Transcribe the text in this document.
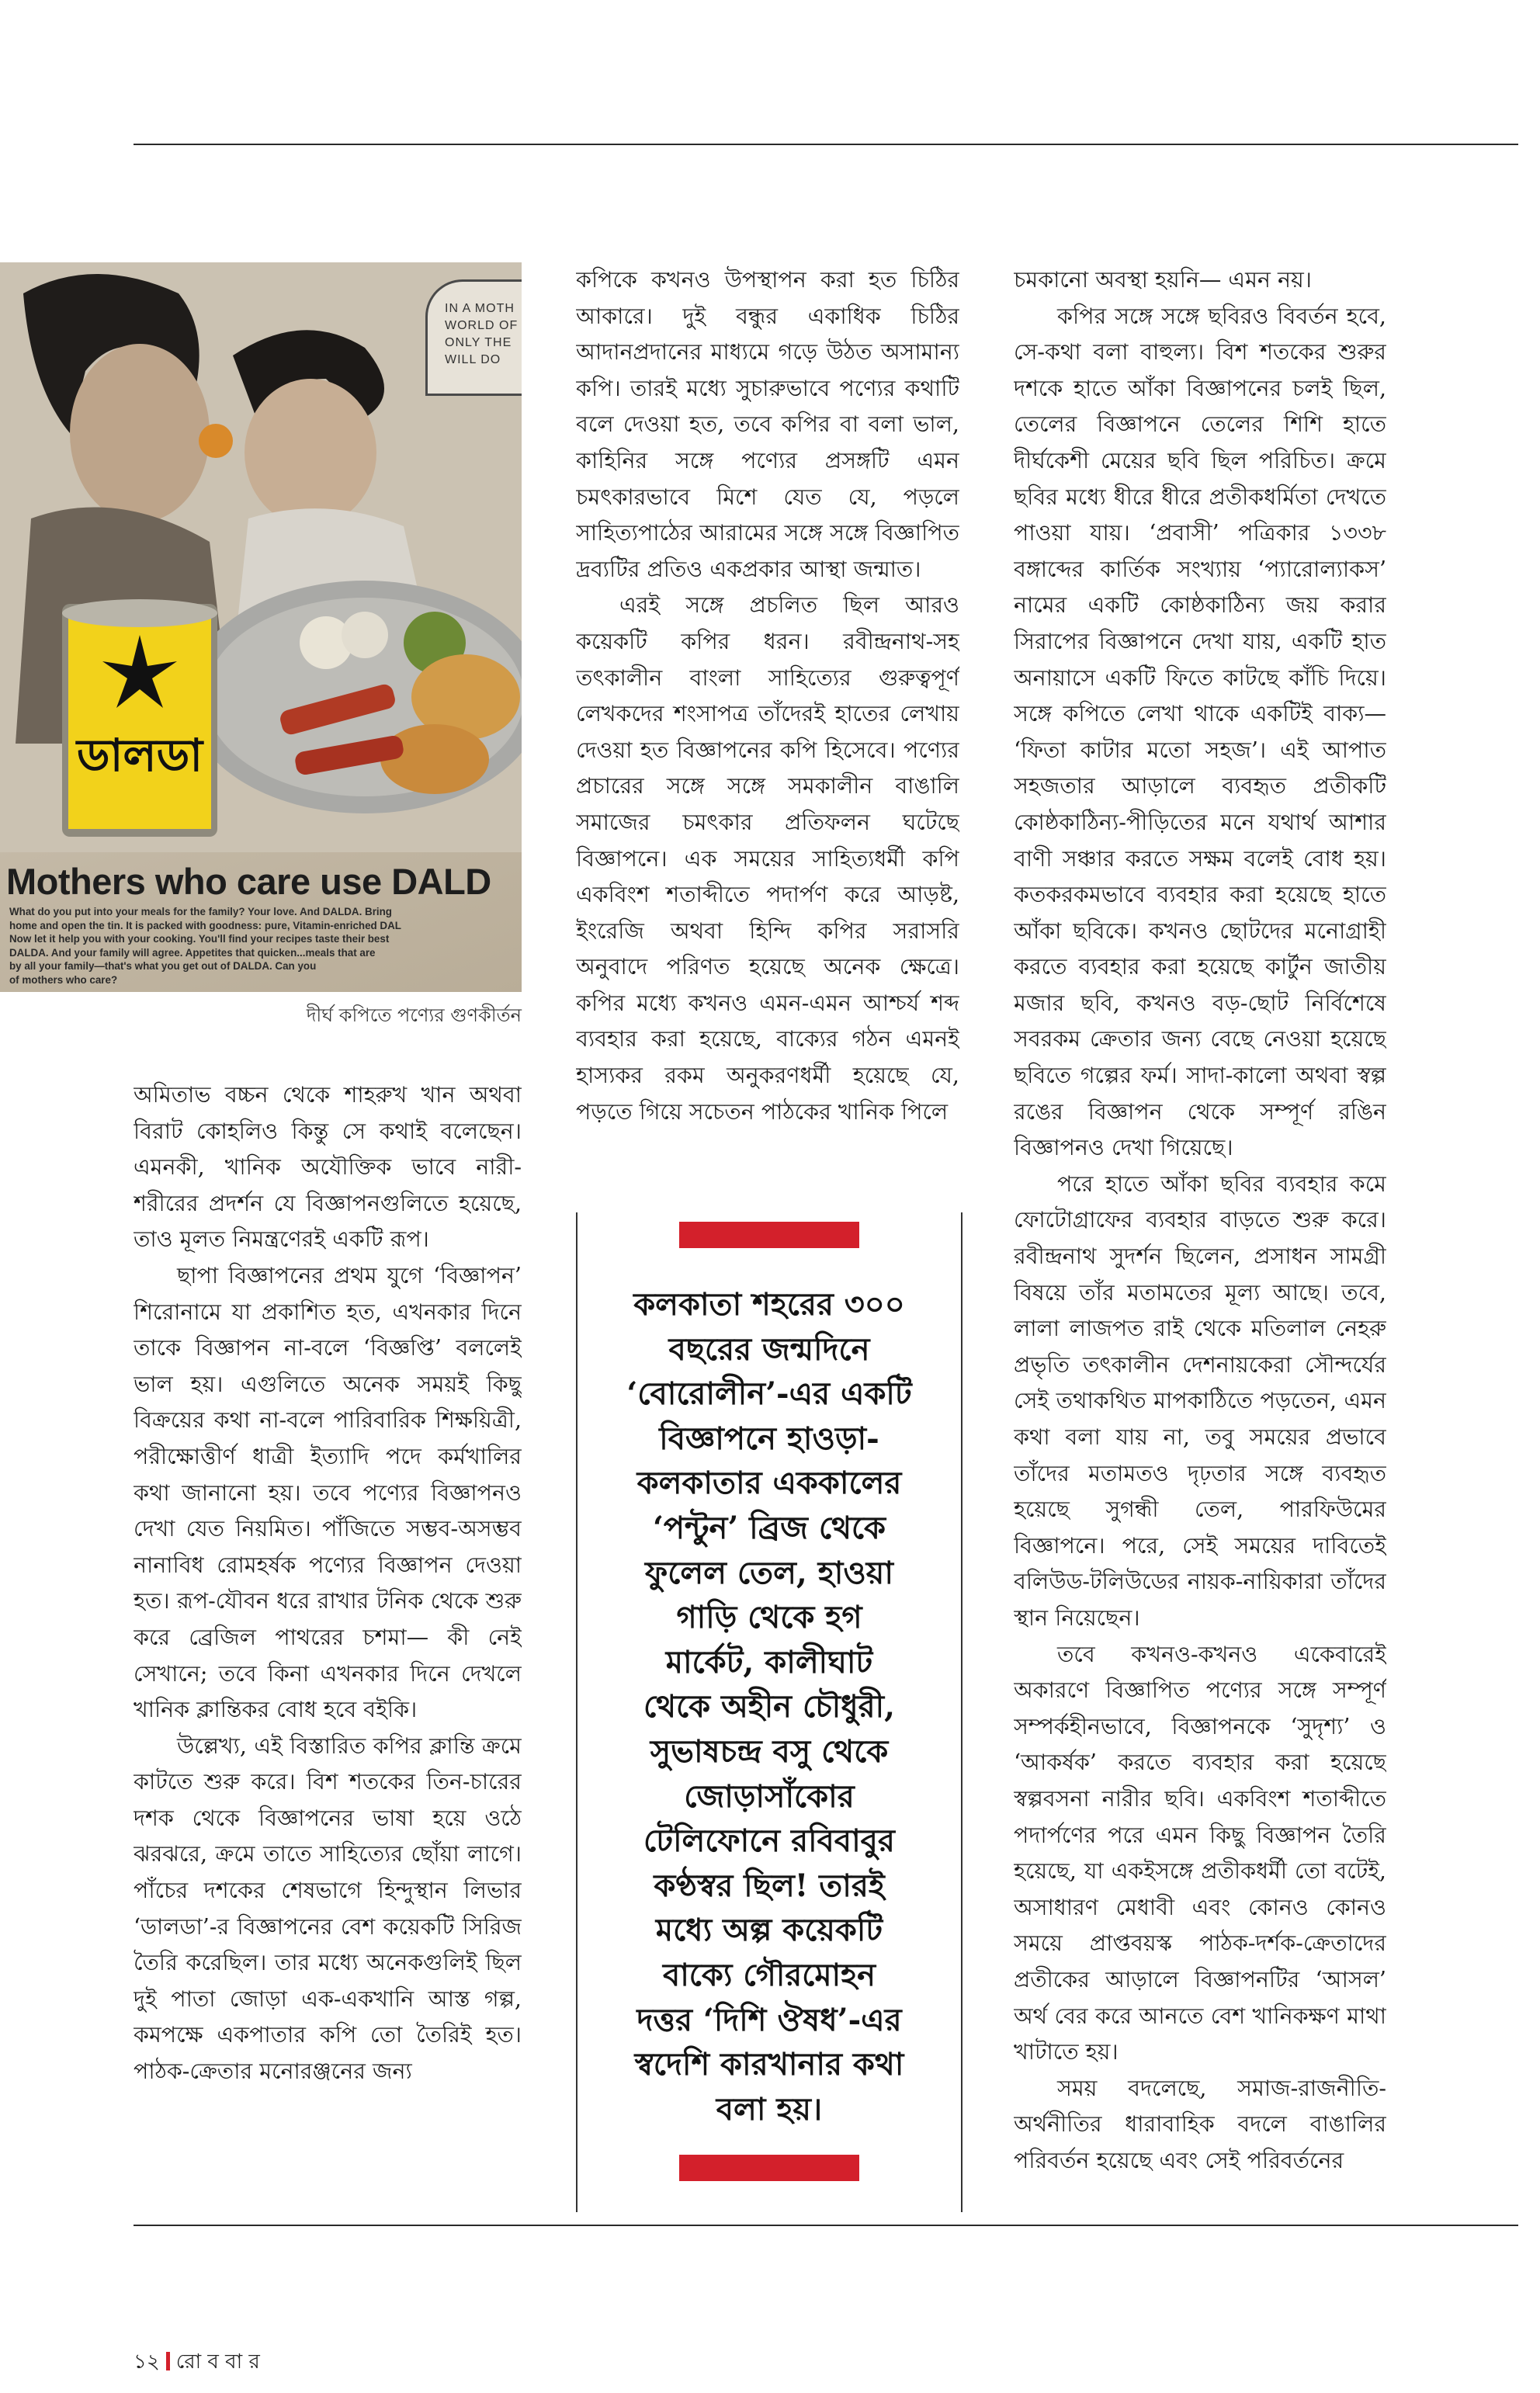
ডালডা
IN A MOTH
WORLD OF
ONLY THE
WILL DO
Mothers who care use DALD
What do you put into your meals for the family? Your love. And DALDA. Bring
home and open the tin. It is packed with goodness: pure, Vitamin-enriched DAL
Now let it help you with your cooking. You'll find your recipes taste their best
DALDA. And your family will agree. Appetites that quicken...meals that are
by all your family—that's what you get out of DALDA. Can you
of mothers who care?
দীর্ঘ কপিতে পণ্যের গুণকীর্তন

অমিতাভ বচ্চন থেকে শাহরুখ খান অথবা বিরাট কোহলিও কিন্তু সে কথাই বলেছেন। এমনকী, খানিক অযৌক্তিক ভাবে নারী-শরীরের প্রদর্শন যে বিজ্ঞাপনগুলিতে হয়েছে, তাও মূলত নিমন্ত্রণেরই একটি রূপ।

ছাপা বিজ্ঞাপনের প্রথম যুগে ‘বিজ্ঞাপন’ শিরোনামে যা প্রকাশিত হত, এখনকার দিনে তাকে বিজ্ঞাপন না-বলে ‘বিজ্ঞপ্তি’ বললেই ভাল হয়। এগুলিতে অনেক সময়ই কিছু বিক্রয়ের কথা না-বলে পারিবারিক শিক্ষয়িত্রী, পরীক্ষোত্তীর্ণ ধাত্রী ইত্যাদি পদে কর্মখালির কথা জানানো হয়। তবে পণ্যের বিজ্ঞাপনও দেখা যেত নিয়মিত। পাঁজিতে সম্ভব-অসম্ভব নানাবিধ রোমহর্ষক পণ্যের বিজ্ঞাপন দেওয়া হত। রূপ-যৌবন ধরে রাখার টনিক থেকে শুরু করে ব্রেজিল পাথরের চশমা— কী নেই সেখানে; তবে কিনা এখনকার দিনে দেখলে খানিক ক্লান্তিকর বোধ হবে বইকি।

উল্লেখ্য, এই বিস্তারিত কপির ক্লান্তি ক্রমে কাটতে শুরু করে। বিশ শতকের তিন-চারের দশক থেকে বিজ্ঞাপনের ভাষা হয়ে ওঠে ঝরঝরে, ক্রমে তাতে সাহিত্যের ছোঁয়া লাগে। পাঁচের দশকের শেষভাগে হিন্দুস্থান লিভার ‘ডালডা’-র বিজ্ঞাপনের বেশ কয়েকটি সিরিজ তৈরি করেছিল। তার মধ্যে অনেকগুলিই ছিল দুই পাতা জোড়া এক-একখানি আস্ত গল্প, কমপক্ষে একপাতার কপি তো তৈরিই হত। পাঠক-ক্রেতার মনোরঞ্জনের জন্য

কপিকে কখনও উপস্থাপন করা হত চিঠির আকারে। দুই বন্ধুর একাধিক চিঠির আদানপ্রদানের মাধ্যমে গড়ে উঠত অসামান্য কপি। তারই মধ্যে সুচারুভাবে পণ্যের কথাটি বলে দেওয়া হত, তবে কপির বা বলা ভাল, কাহিনির সঙ্গে পণ্যের প্রসঙ্গটি এমন চমৎকারভাবে মিশে যেত যে, পড়লে সাহিত্যপাঠের আরামের সঙ্গে সঙ্গে বিজ্ঞাপিত দ্রব্যটির প্রতিও একপ্রকার আস্থা জন্মাত।

এরই সঙ্গে প্রচলিত ছিল আরও কয়েকটি কপির ধরন। রবীন্দ্রনাথ-সহ তৎকালীন বাংলা সাহিত্যের গুরুত্বপূর্ণ লেখকদের শংসাপত্র তাঁদেরই হাতের লেখায় দেওয়া হত বিজ্ঞাপনের কপি হিসেবে। পণ্যের প্রচারের সঙ্গে সঙ্গে সমকালীন বাঙালি সমাজের চমৎকার প্রতিফলন ঘটেছে বিজ্ঞাপনে। এক সময়ের সাহিত্যধর্মী কপি একবিংশ শতাব্দীতে পদার্পণ করে আড়ষ্ট, ইংরেজি অথবা হিন্দি কপির সরাসরি অনুবাদে পরিণত হয়েছে অনেক ক্ষেত্রে। কপির মধ্যে কখনও এমন-এমন আশ্চর্য শব্দ ব্যবহার করা হয়েছে, বাক্যের গঠন এমনই হাস্যকর রকম অনুকরণধর্মী হয়েছে যে, পড়তে গিয়ে সচেতন পাঠকের খানিক পিলে

কলকাতা শহরের ৩০০
বছরের জন্মদিনে
‘বোরোলীন’-এর একটি
বিজ্ঞাপনে হাওড়া-
কলকাতার এককালের
‘পন্টুন’ ব্রিজ থেকে
ফুলেল তেল, হাওয়া
গাড়ি থেকে হগ
মার্কেট, কালীঘাট
থেকে অহীন চৌধুরী,
সুভাষচন্দ্র বসু থেকে
জোড়াসাঁকোর
টেলিফোনে রবিবাবুর
কণ্ঠস্বর ছিল! তারই
মধ্যে অল্প কয়েকটি
বাক্যে গৌরমোহন
দত্তর ‘দিশি ঔষধ’-এর
স্বদেশি কারখানার কথা
বলা হয়।

চমকানো অবস্থা হয়নি— এমন নয়।

কপির সঙ্গে সঙ্গে ছবিরও বিবর্তন হবে, সে-কথা বলা বাহুল্য। বিশ শতকের শুরুর দশকে হাতে আঁকা বিজ্ঞাপনের চলই ছিল, তেলের বিজ্ঞাপনে তেলের শিশি হাতে দীর্ঘকেশী মেয়ের ছবি ছিল পরিচিত। ক্রমে ছবির মধ্যে ধীরে ধীরে প্রতীকধর্মিতা দেখতে পাওয়া যায়। ‘প্রবাসী’ পত্রিকার ১৩৩৮ বঙ্গাব্দের কার্তিক সংখ্যায় ‘প্যারোল্যাকস’ নামের একটি কোষ্ঠকাঠিন্য জয় করার সিরাপের বিজ্ঞাপনে দেখা যায়, একটি হাত অনায়াসে একটি ফিতে কাটছে কাঁচি দিয়ে। সঙ্গে কপিতে লেখা থাকে একটিই বাক্য— ‘ফিতা কাটার মতো সহজ’। এই আপাত সহজতার আড়ালে ব্যবহৃত প্রতীকটি কোষ্ঠকাঠিন্য-পীড়িতের মনে যথার্থ আশার বাণী সঞ্চার করতে সক্ষম বলেই বোধ হয়। কতকরকমভাবে ব্যবহার করা হয়েছে হাতে আঁকা ছবিকে। কখনও ছোটদের মনোগ্রাহী করতে ব্যবহার করা হয়েছে কার্টুন জাতীয় মজার ছবি, কখনও বড়-ছোট নির্বিশেষে সবরকম ক্রেতার জন্য বেছে নেওয়া হয়েছে ছবিতে গল্পের ফর্ম। সাদা-কালো অথবা স্বল্প রঙের বিজ্ঞাপন থেকে সম্পূর্ণ রঙিন বিজ্ঞাপনও দেখা গিয়েছে।

পরে হাতে আঁকা ছবির ব্যবহার কমে ফোটোগ্রাফের ব্যবহার বাড়তে শুরু করে। রবীন্দ্রনাথ সুদর্শন ছিলেন, প্রসাধন সামগ্রী বিষয়ে তাঁর মতামতের মূল্য আছে। তবে, লালা লাজপত রাই থেকে মতিলাল নেহরু প্রভৃতি তৎকালীন দেশনায়কেরা সৌন্দর্যের সেই তথাকথিত মাপকাঠিতে পড়তেন, এমন কথা বলা যায় না, তবু সময়ের প্রভাবে তাঁদের মতামতও দৃঢ়তার সঙ্গে ব্যবহৃত হয়েছে সুগন্ধী তেল, পারফিউমের বিজ্ঞাপনে। পরে, সেই সময়ের দাবিতেই বলিউড-টলিউডের নায়ক-নায়িকারা তাঁদের স্থান নিয়েছেন।

তবে কখনও-কখনও একেবারেই অকারণে বিজ্ঞাপিত পণ্যের সঙ্গে সম্পূর্ণ সম্পর্কহীনভাবে, বিজ্ঞাপনকে ‘সুদৃশ্য’ ও ‘আকর্ষক’ করতে ব্যবহার করা হয়েছে স্বল্পবসনা নারীর ছবি। একবিংশ শতাব্দীতে পদার্পণের পরে এমন কিছু বিজ্ঞাপন তৈরি হয়েছে, যা একইসঙ্গে প্রতীকধর্মী তো বটেই, অসাধারণ মেধাবী এবং কোনও কোনও সময়ে প্রাপ্তবয়স্ক পাঠক-দর্শক-ক্রেতাদের প্রতীকের আড়ালে বিজ্ঞাপনটির ‘আসল’ অর্থ বের করে আনতে বেশ খানিকক্ষণ মাথা খাটাতে হয়।

সময় বদলেছে, সমাজ-রাজনীতি-অর্থনীতির ধারাবাহিক বদলে বাঙালির পরিবর্তন হয়েছে এবং সেই পরিবর্তনের

১২ রো ব বা র
